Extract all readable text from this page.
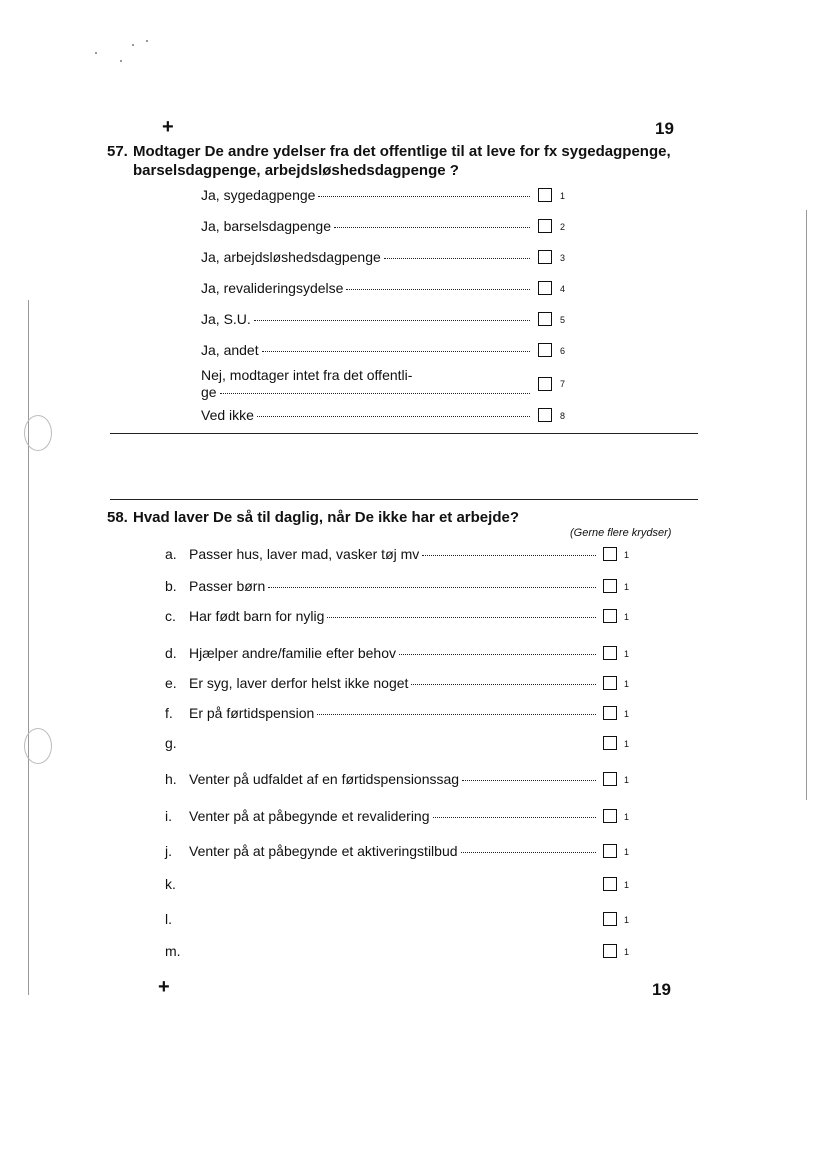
+	19
57. Modtager De andre ydelser fra det offentlige til at leve for fx sygedagpenge,
barselsdagpenge, arbejdsløshedsdagpenge ?
Ja, sygedagpenge	1
Ja, barselsdagpenge	2
Ja, arbejdsløshedsdagpenge	3
Ja, revalideringsydelse	4
Ja, S.U.	5
Ja, andet	6
Nej, modtager intet fra det offentli-
ge	7
Ved ikke	8
58. Hvad laver De så til daglig, når De ikke har et arbejde?
(Gerne flere krydser)
a. Passer hus, laver mad, vasker tøj mv	1
b. Passer børn	1
c. Har født barn for nylig	1
d. Hjælper andre/familie efter behov	1
e. Er syg, laver derfor helst ikke noget	1
f. Er på førtidspension	1
g.	1
h. Venter på udfaldet af en førtidspensionssag	1
i. Venter på at påbegynde et revalidering	1
j. Venter på at påbegynde et aktiveringstilbud	1
k.	1
l.	1
m.	1
+	19
